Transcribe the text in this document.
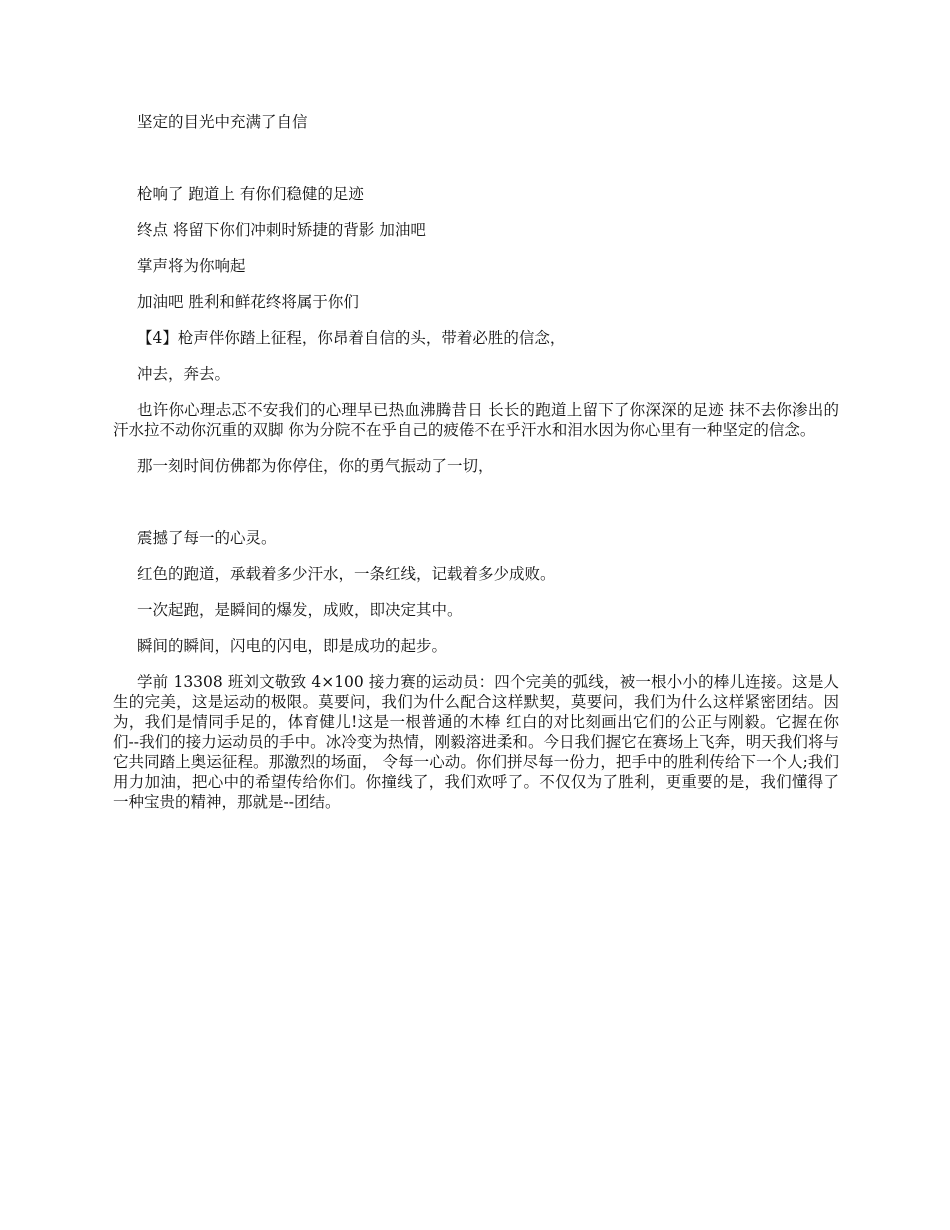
坚定的目光中充满了自信

枪响了 跑道上 有你们稳健的足迹

终点 将留下你们冲刺时矫捷的背影 加油吧

掌声将为你响起

加油吧 胜利和鲜花终将属于你们

【4】枪声伴你踏上征程，你昂着自信的头，带着必胜的信念，

冲去，奔去。

也许你心理忐忑不安我们的心理早已热血沸腾昔日 长长的跑道上留下了你深深的足迹 抹不去你渗出的汗水拉不动你沉重的双脚 你为分院不在乎自己的疲倦不在乎汗水和泪水因为你心里有一种坚定的信念。

那一刻时间仿佛都为你停住，你的勇气振动了一切，

震撼了每一的心灵。

红色的跑道，承载着多少汗水，一条红线，记载着多少成败。

一次起跑，是瞬间的爆发，成败，即决定其中。

瞬间的瞬间，闪电的闪电，即是成功的起步。

学前 13308 班刘文敬致 4×100 接力赛的运动员：四个完美的弧线，被一根小小的棒儿连接。这是人生的完美，这是运动的极限。莫要问，我们为什么配合这样默契，莫要问，我们为什么这样紧密团结。因为，我们是情同手足的，体育健儿!这是一根普通的木棒 红白的对比刻画出它们的公正与刚毅。它握在你们--我们的接力运动员的手中。冰冷变为热情，刚毅溶进柔和。今日我们握它在赛场上飞奔，明天我们将与它共同踏上奥运征程。那激烈的场面， 令每一心动。你们拼尽每一份力，把手中的胜利传给下一个人;我们用力加油，把心中的希望传给你们。你撞线了，我们欢呼了。不仅仅为了胜利，更重要的是，我们懂得了一种宝贵的精神，那就是--团结。
